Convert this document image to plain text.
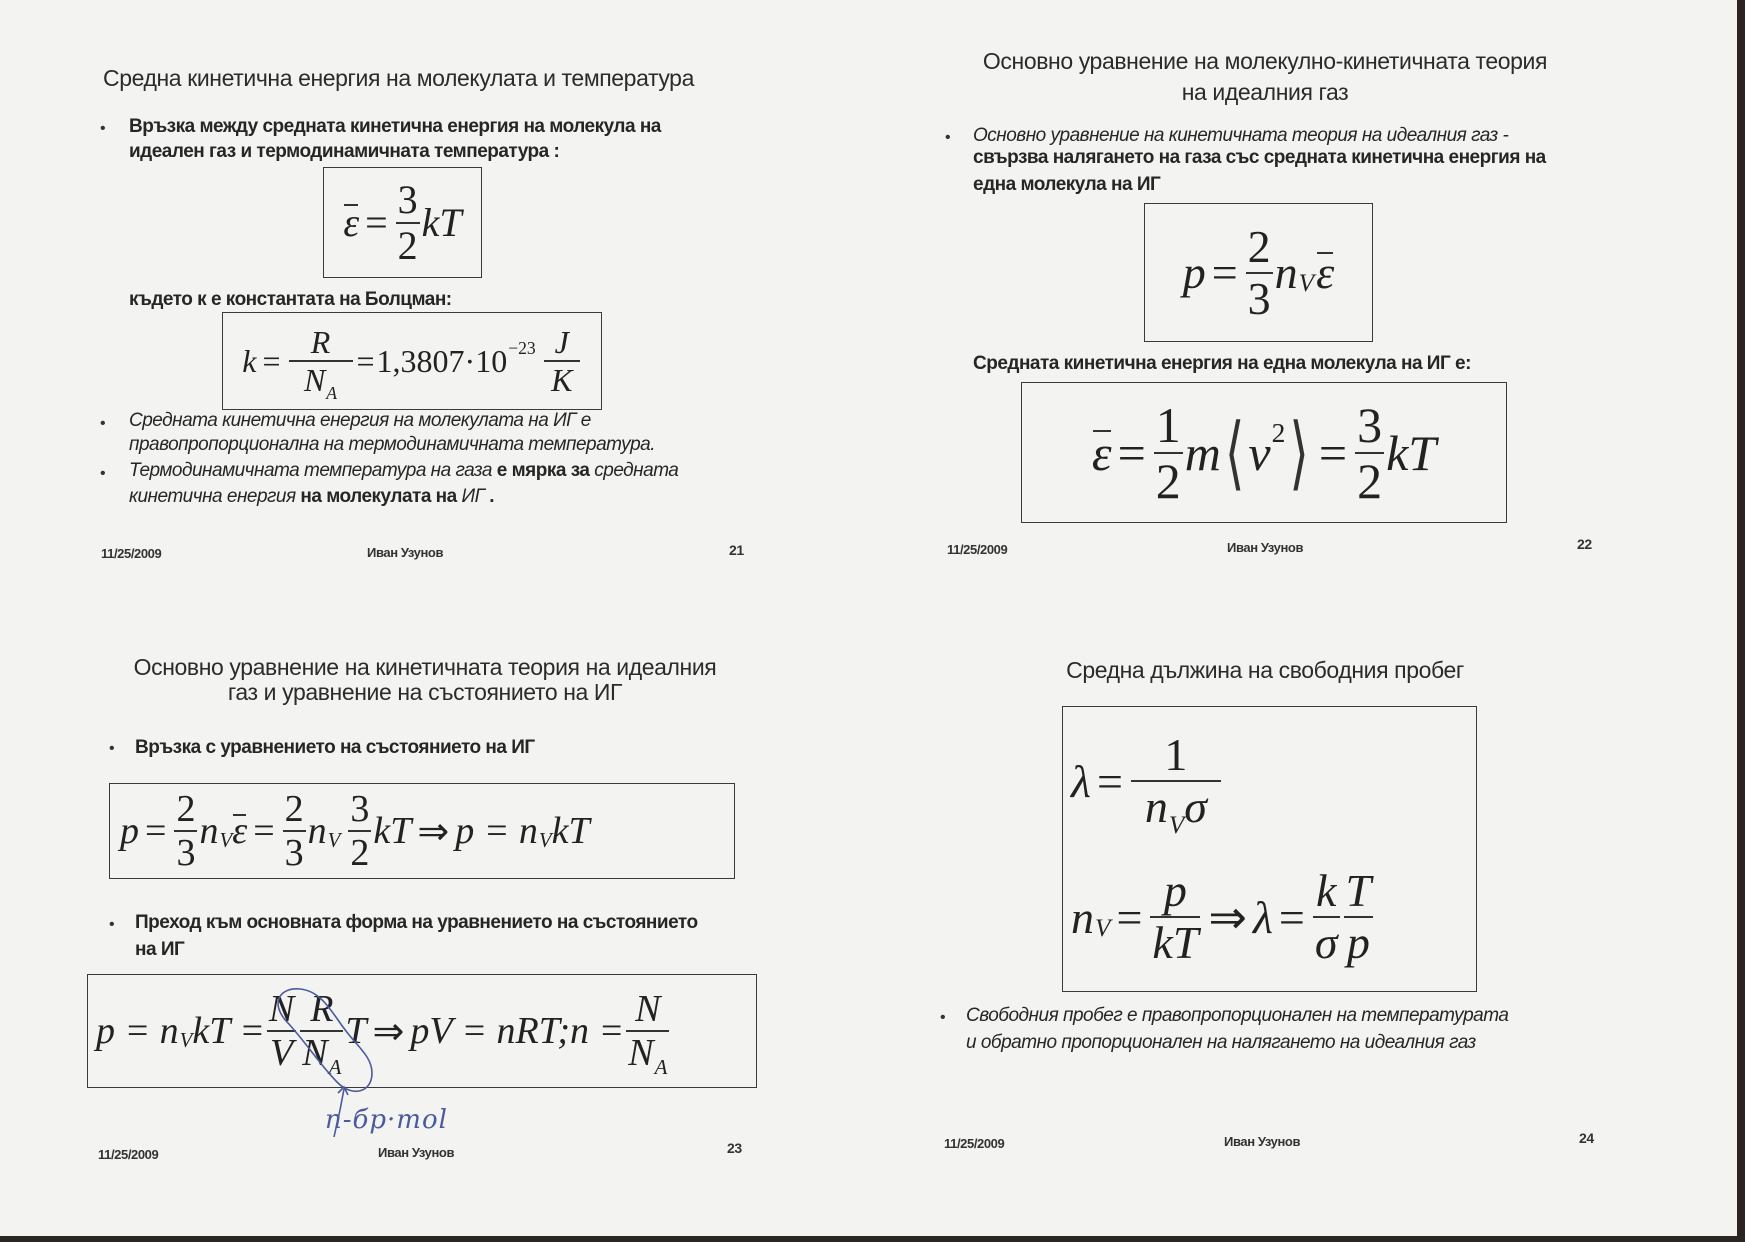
Средна кинетична енергия на молекулата и температура
• Връзка между средната кинетична енергия на молекула на
идеален газ и термодинамичната температура :
$\varepsilon = \frac{3}{2}$ kT
където к е константата на Болцман:
$k = \frac{R}{N_A} = 1,3807\cdot 10 -23 \frac{J}{K}$
• Средната кинетична енергия на молекулата на ИГ е
правопропорционална на термодинамичната температура.
• Термодинамичната температура на газа е мярка за средната
кинетична енергия на молекулата на ИГ .
11/25/2009	Иван Узунов	21
Основно уравнение на молекулно-кинетичната теория
на идеалния газ
• Основно уравнение на кинетичната теория на идеалния газ -
свързва налягането на газа със средната кинетична енергия на
една молекула на ИГ
$p = \frac{2}{3}$ n V ε
Средната кинетична енергия на една молекула на ИГ е:
$\varepsilon = \frac{1}{2}$ m ⟨ v 2 ⟩ = $\frac{3}{2}$ kT
11/25/2009	Иван Узунов	22
Основно уравнение на кинетичната теория на идеалния
газ и уравнение на състоянието на ИГ
• Връзка с уравнението на състоянието на ИГ
$p = \frac{2}{3}$ n V $\varepsilon = \frac{2}{3}$ n V $\frac{3}{2}$ kT ⇒ p = n V kT
• Преход към основната форма на уравнението на състоянието
на ИГ
p = n V kT = $\frac{N}{V} \frac{R}{N_A}$ T ⇒ pV = nRT;n = $\frac{N}{N_A}$
n-бр·mol
11/25/2009	Иван Узунов	23
Средна дължина на свободния пробег
$\lambda = \frac{1}{n_V\sigma}$
n $V = \frac{p}{kT}$ ⇒ $\lambda = \frac{k}{\sigma} \frac{T}{p}$
• Свободния пробег е правопропорционален на температурата
и обратно пропорционален на налягането на идеалния газ
11/25/2009	Иван Узунов	24
